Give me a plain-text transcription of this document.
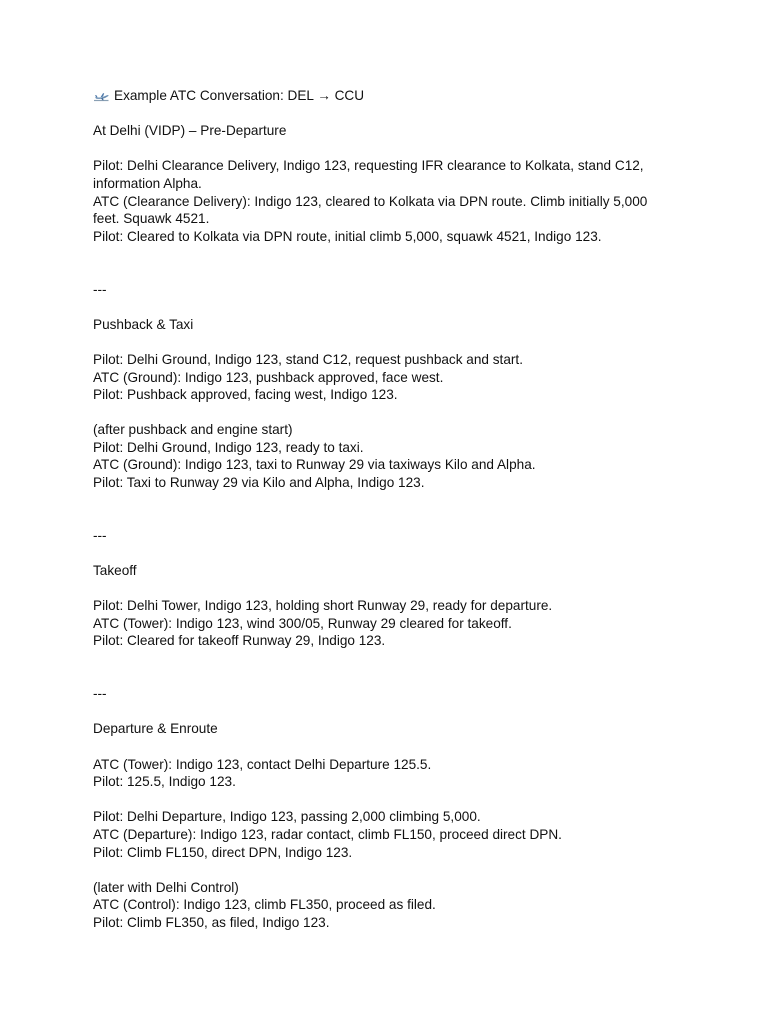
Example ATC Conversation: DEL → CCU
At Delhi (VIDP) – Pre-Departure
Pilot: Delhi Clearance Delivery, Indigo 123, requesting IFR clearance to Kolkata, stand C12,
information Alpha.
ATC (Clearance Delivery): Indigo 123, cleared to Kolkata via DPN route. Climb initially 5,000
feet. Squawk 4521.
Pilot: Cleared to Kolkata via DPN route, initial climb 5,000, squawk 4521, Indigo 123.
---
Pushback & Taxi
Pilot: Delhi Ground, Indigo 123, stand C12, request pushback and start.
ATC (Ground): Indigo 123, pushback approved, face west.
Pilot: Pushback approved, facing west, Indigo 123.
(after pushback and engine start)
Pilot: Delhi Ground, Indigo 123, ready to taxi.
ATC (Ground): Indigo 123, taxi to Runway 29 via taxiways Kilo and Alpha.
Pilot: Taxi to Runway 29 via Kilo and Alpha, Indigo 123.
---
Takeoff
Pilot: Delhi Tower, Indigo 123, holding short Runway 29, ready for departure.
ATC (Tower): Indigo 123, wind 300/05, Runway 29 cleared for takeoff.
Pilot: Cleared for takeoff Runway 29, Indigo 123.
---
Departure & Enroute
ATC (Tower): Indigo 123, contact Delhi Departure 125.5.
Pilot: 125.5, Indigo 123.
Pilot: Delhi Departure, Indigo 123, passing 2,000 climbing 5,000.
ATC (Departure): Indigo 123, radar contact, climb FL150, proceed direct DPN.
Pilot: Climb FL150, direct DPN, Indigo 123.
(later with Delhi Control)
ATC (Control): Indigo 123, climb FL350, proceed as filed.
Pilot: Climb FL350, as filed, Indigo 123.
